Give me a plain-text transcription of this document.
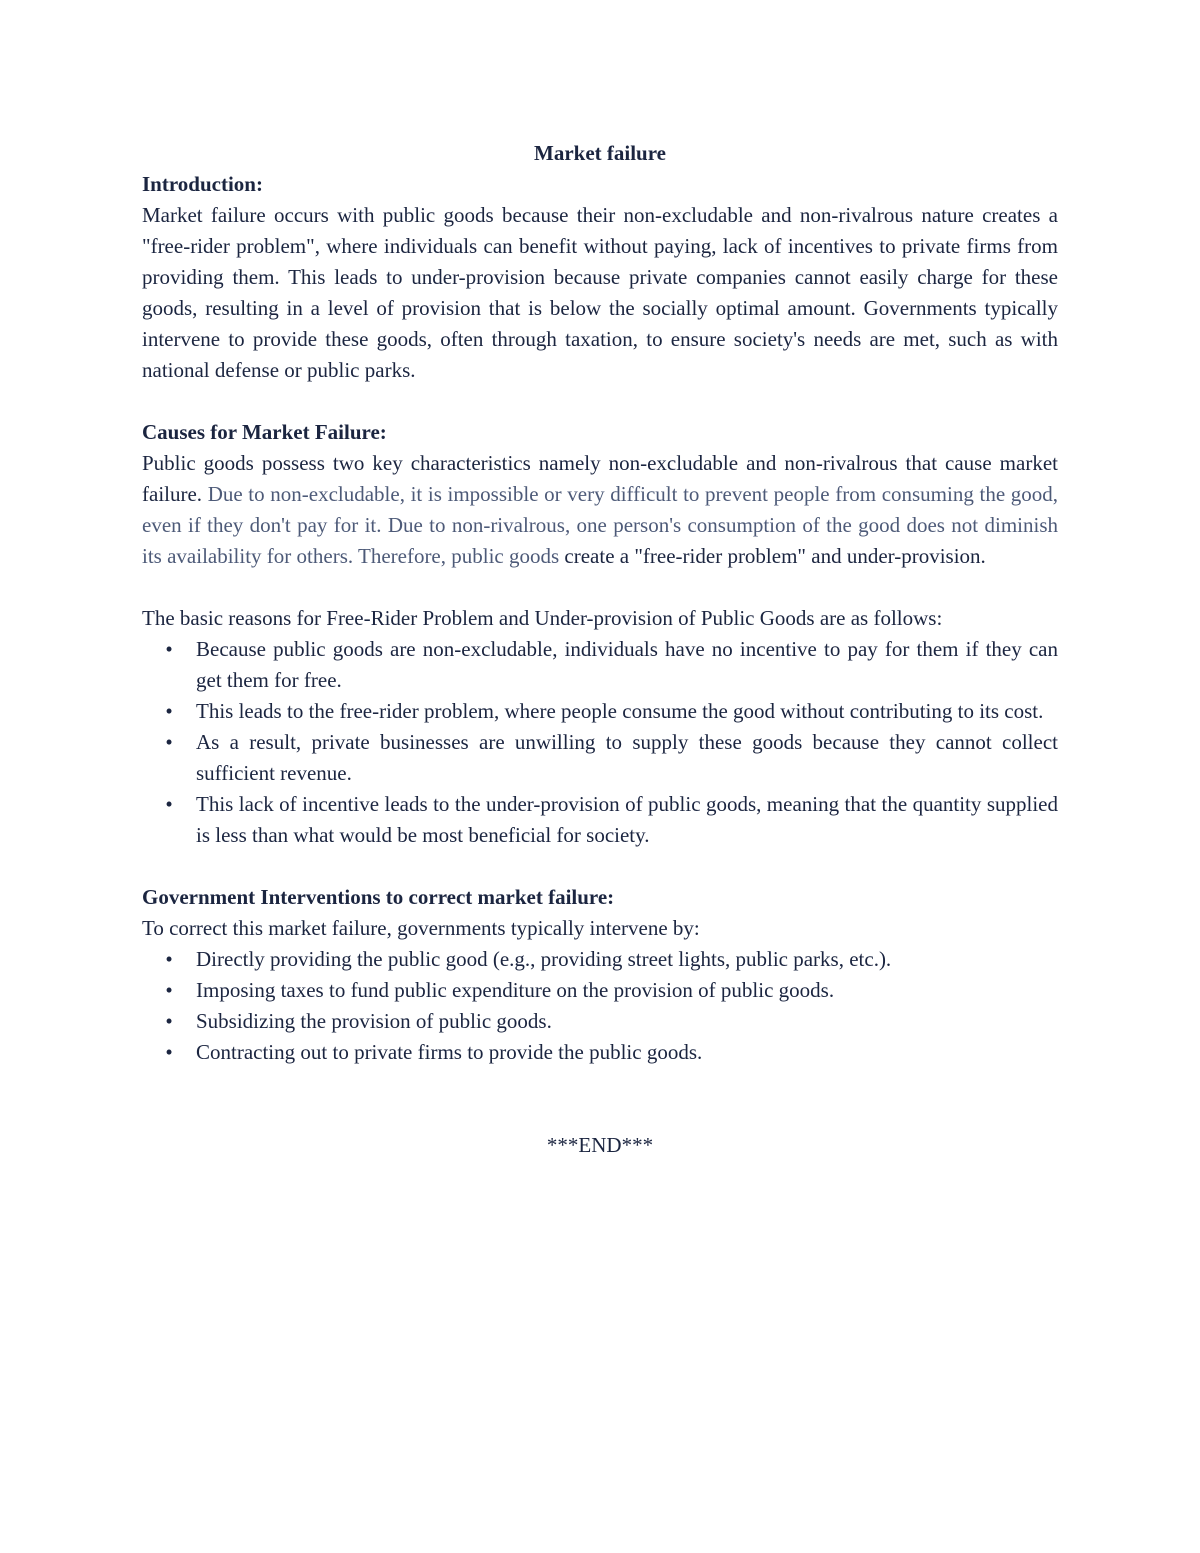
Market failure

Introduction:

Market failure occurs with public goods because their non-excludable and non-rivalrous nature creates a "free-rider problem", where individuals can benefit without paying, lack of incentives to private firms from providing them. This leads to under-provision because private companies cannot easily charge for these goods, resulting in a level of provision that is below the socially optimal amount. Governments typically intervene to provide these goods, often through taxation, to ensure society's needs are met, such as with national defense or public parks.

Causes for Market Failure:

Public goods possess two key characteristics namely non-excludable and non-rivalrous that cause market failure. Due to non-excludable, it is impossible or very difficult to prevent people from consuming the good, even if they don't pay for it. Due to non-rivalrous, one person's consumption of the good does not diminish its availability for others. Therefore, public goods create a "free-rider problem" and under-provision.

The basic reasons for Free-Rider Problem and Under-provision of Public Goods are as follows:

• Because public goods are non-excludable, individuals have no incentive to pay for them if they can get them for free.
• This leads to the free-rider problem, where people consume the good without contributing to its cost.
• As a result, private businesses are unwilling to supply these goods because they cannot collect sufficient revenue.
• This lack of incentive leads to the under-provision of public goods, meaning that the quantity supplied is less than what would be most beneficial for society.

Government Interventions to correct market failure:

To correct this market failure, governments typically intervene by:

• Directly providing the public good (e.g., providing street lights, public parks, etc.).
• Imposing taxes to fund public expenditure on the provision of public goods.
• Subsidizing the provision of public goods.
• Contracting out to private firms to provide the public goods.

***END***
